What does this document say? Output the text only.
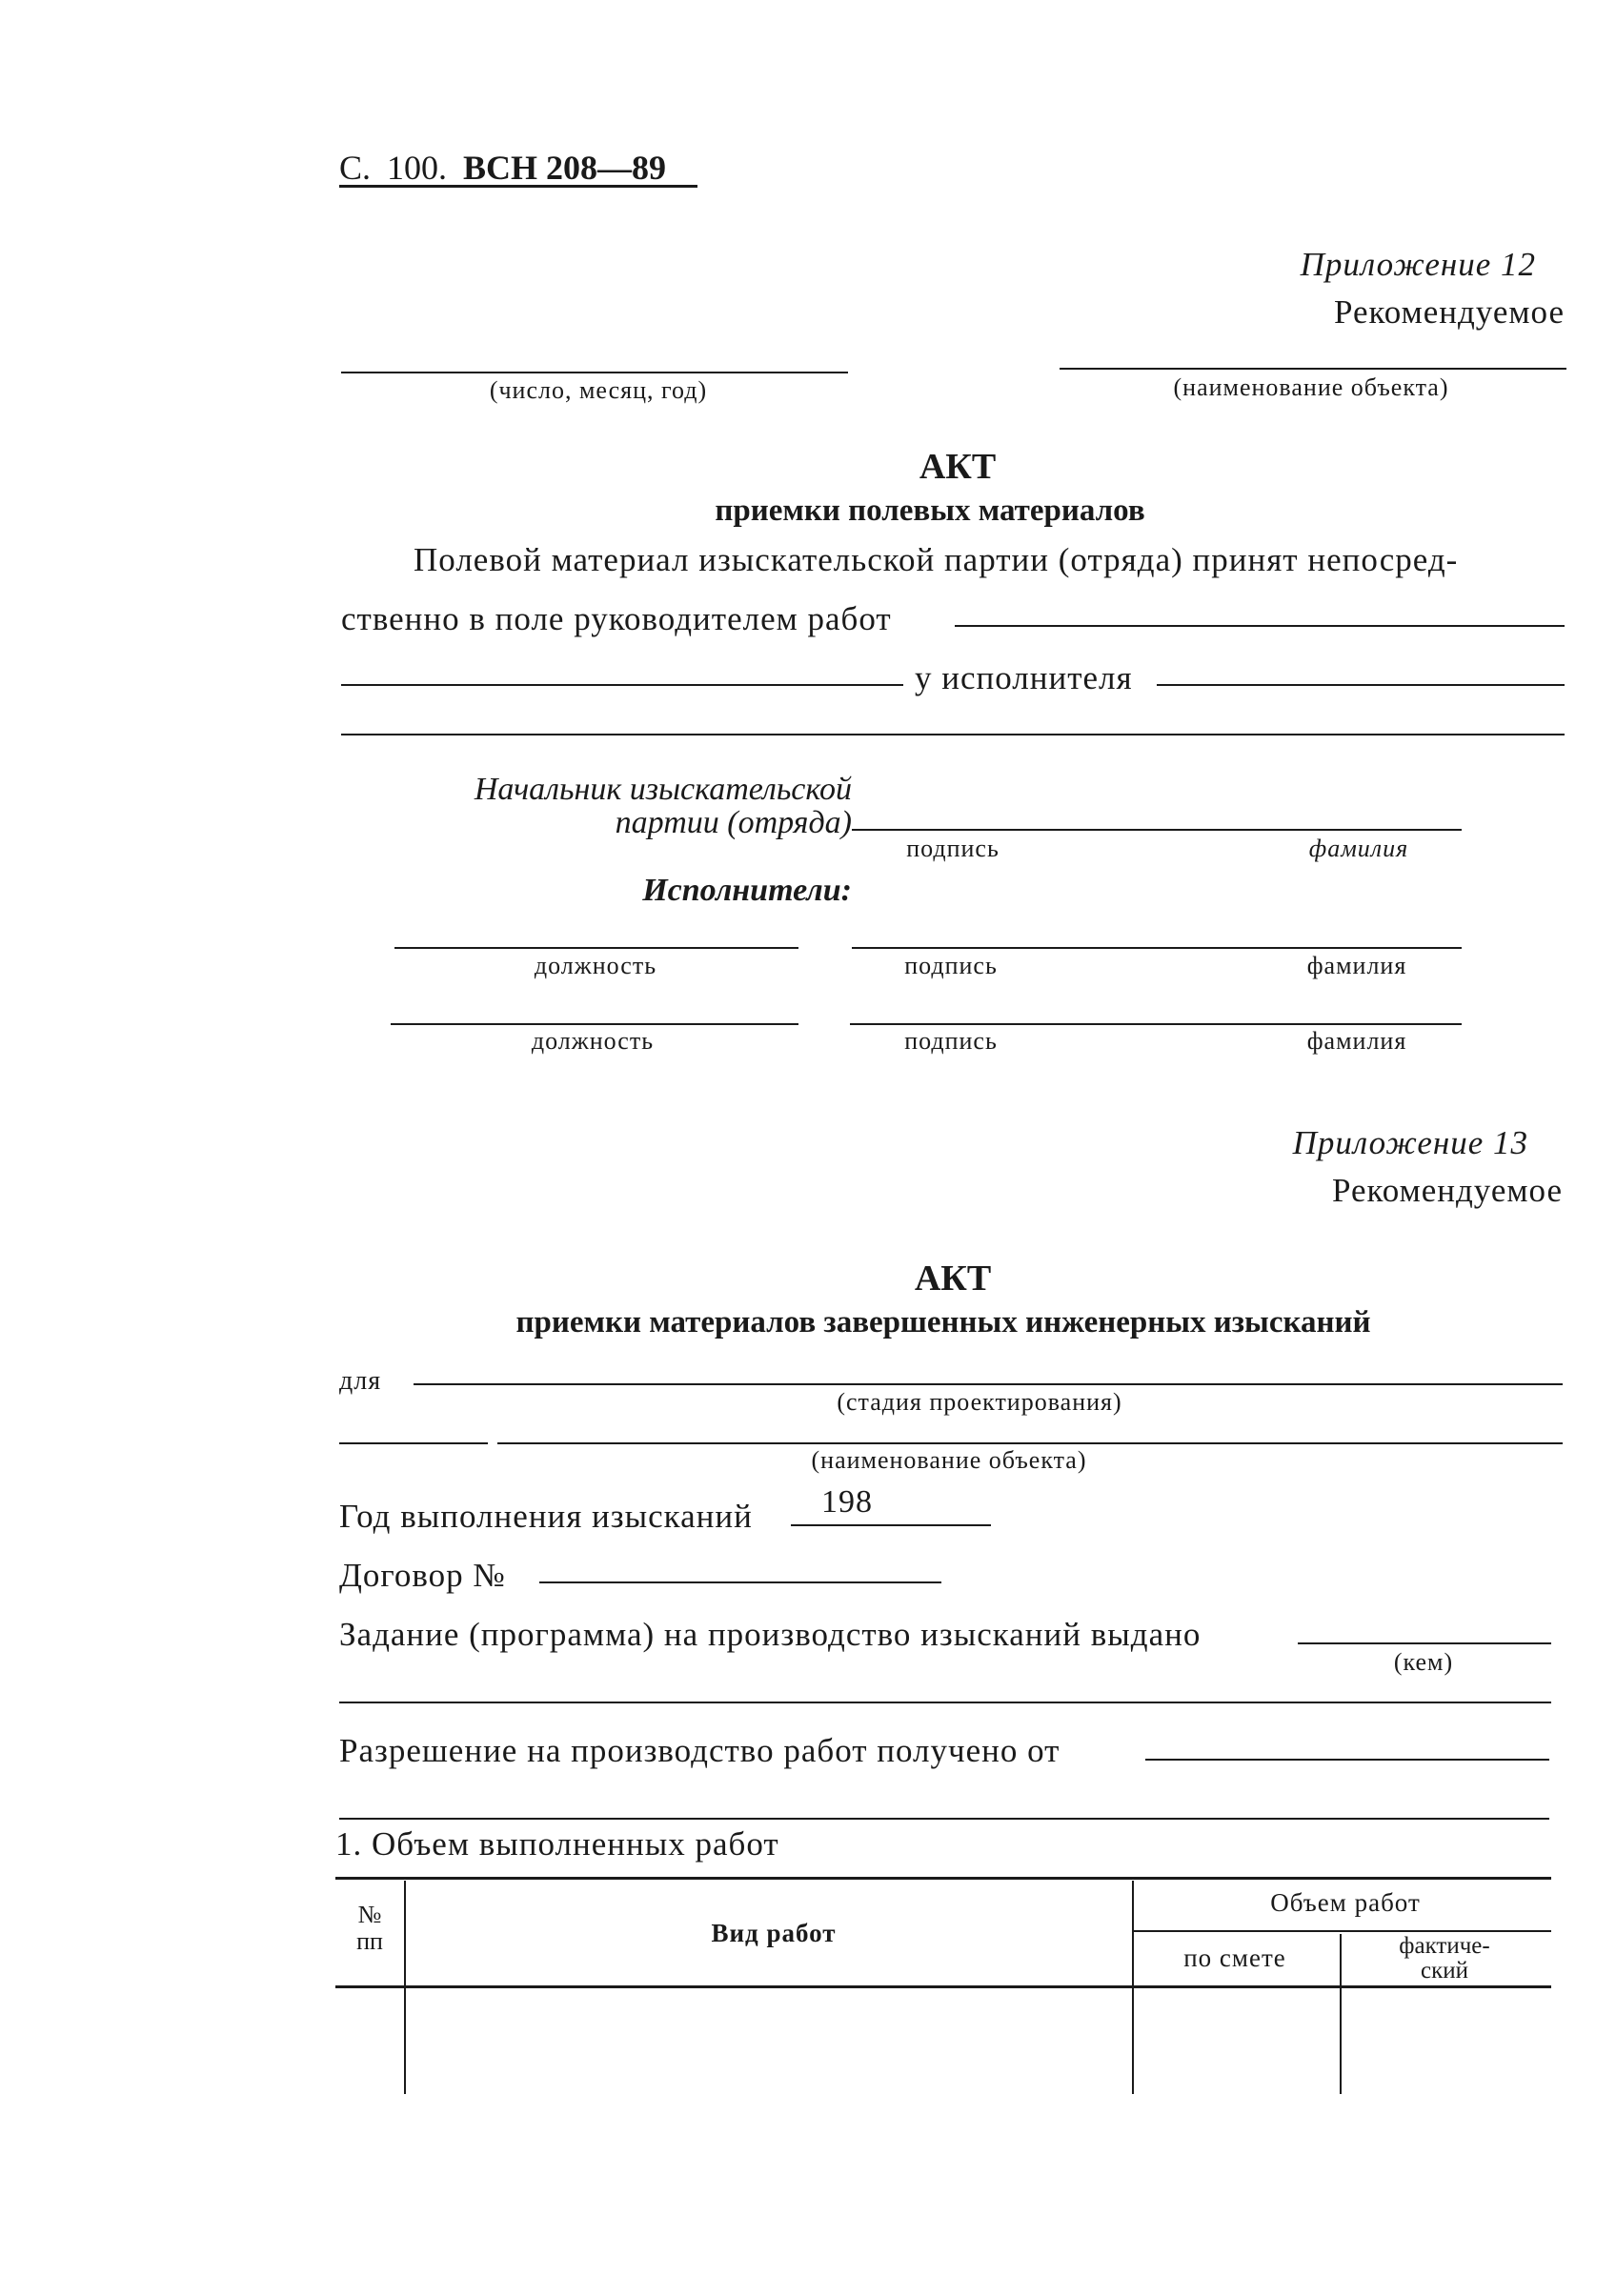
С. 100. ВСН 208—89
Приложение 12
Рекомендуемое
(число, месяц, год)	(наименование объекта)
АКТ
приемки полевых материалов
Полевой материал изыскательской партии (отряда) принят непосред-
ственно в поле руководителем работ
у исполнителя
Начальник изыскательской
партии (отряда)
подпись	фамилия
Исполнители:
должность	подпись	фамилия
должность	подпись	фамилия
Приложение 13
Рекомендуемое
АКТ
приемки материалов завершенных инженерных изысканий
для
(стадия проектирования)
(наименование объекта)
Год выполнения изысканий 198
Договор №
Задание (программа) на производство изысканий выдано
(кем)
Разрешение на производство работ получено от
1. Объем выполненных работ
№
пп	Вид работ
Объем работ
по смете	фактиче-
ский
